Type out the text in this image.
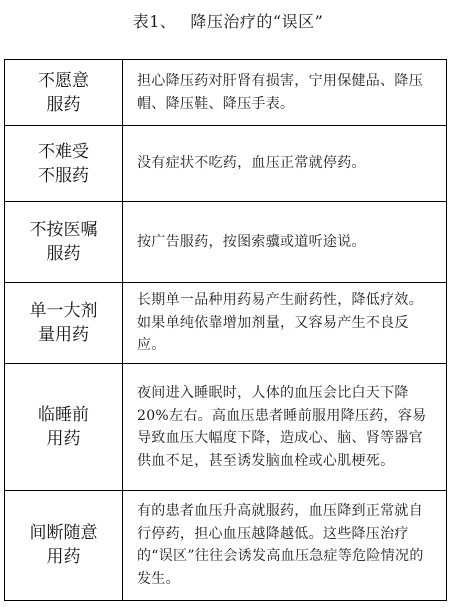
表1、 降压治疗的“误区”
不愿意
服药
担心降压药对肝肾有损害，宁用保健品、降压帽、降压鞋、降压手表。
不难受
不服药
没有症状不吃药，血压正常就停药。
不按医嘱
服药
按广告服药，按图索骥或道听途说。
单一大剂
量用药
长期单一品种用药易产生耐药性，降低疗效。如果单纯依靠增加剂量，又容易产生不良反应。
临睡前
用药
夜间进入睡眠时，人体的血压会比白天下降20%左右。高血压患者睡前服用降压药，容易导致血压大幅度下降，造成心、脑、肾等器官供血不足，甚至诱发脑血栓或心肌梗死。
间断随意
用药
有的患者血压升高就服药，血压降到正常就自行停药，担心血压越降越低。这些降压治疗的“误区”往往会诱发高血压急症等危险情况的发生。
